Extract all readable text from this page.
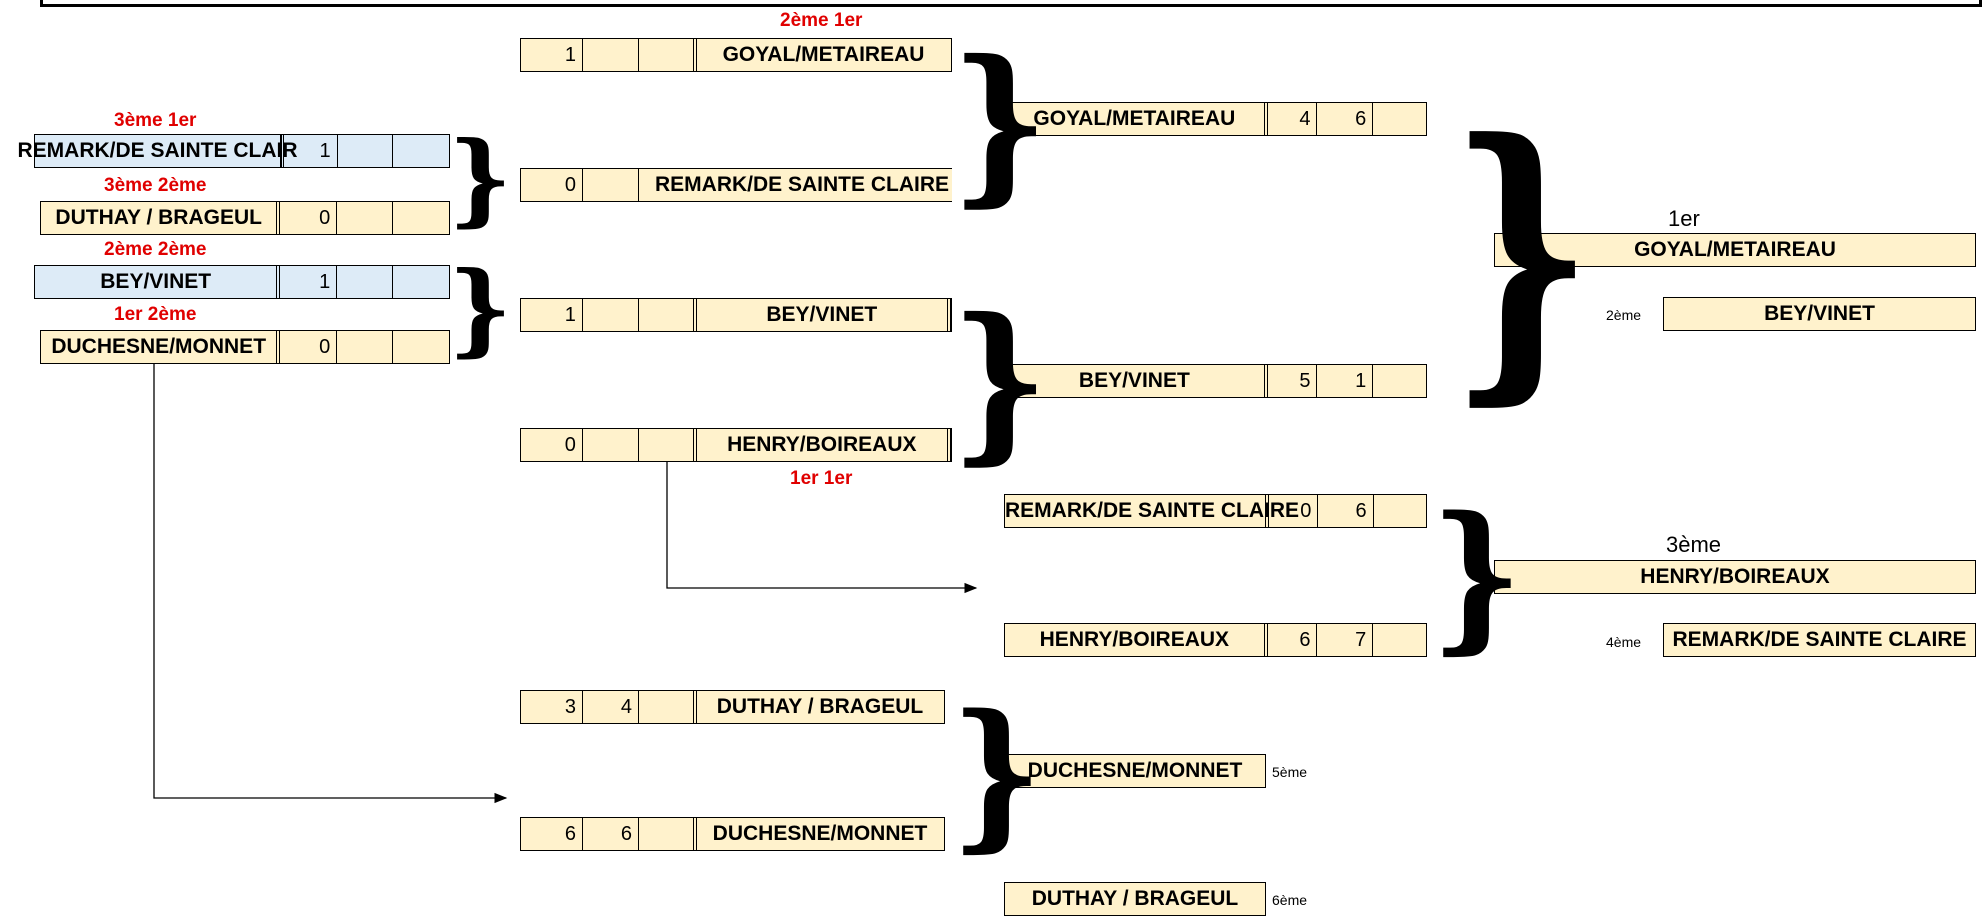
3ème 1er
REMARK/DE SAINTE CLAIR	1
3ème 2ème
DUTHAY / BRAGEUL	0
2ème 2ème
BEY/VINET	1
1er 2ème
DUCHESNE/MONNET	0
2ème 1er
1	GOYAL/METAIREAU
0	REMARK/DE SAINTE CLAIRE
1	BEY/VINET
0	HENRY/BOIREAUX
1er 1er
3	4	DUTHAY / BRAGEUL
6	6	DUCHESNE/MONNET
GOYAL/METAIREAU	4	6
BEY/VINET	5	1
REMARK/DE SAINTE CLAIRE 0	6
HENRY/BOIREAUX	6	7
DUCHESNE/MONNET	5ème
DUTHAY / BRAGEUL	6ème
1er
GOYAL/METAIREAU
2ème	BEY/VINET
3ème
HENRY/BOIREAUX
4ème	REMARK/DE SAINTE CLAIRE
}
}
}
} }
}
}
